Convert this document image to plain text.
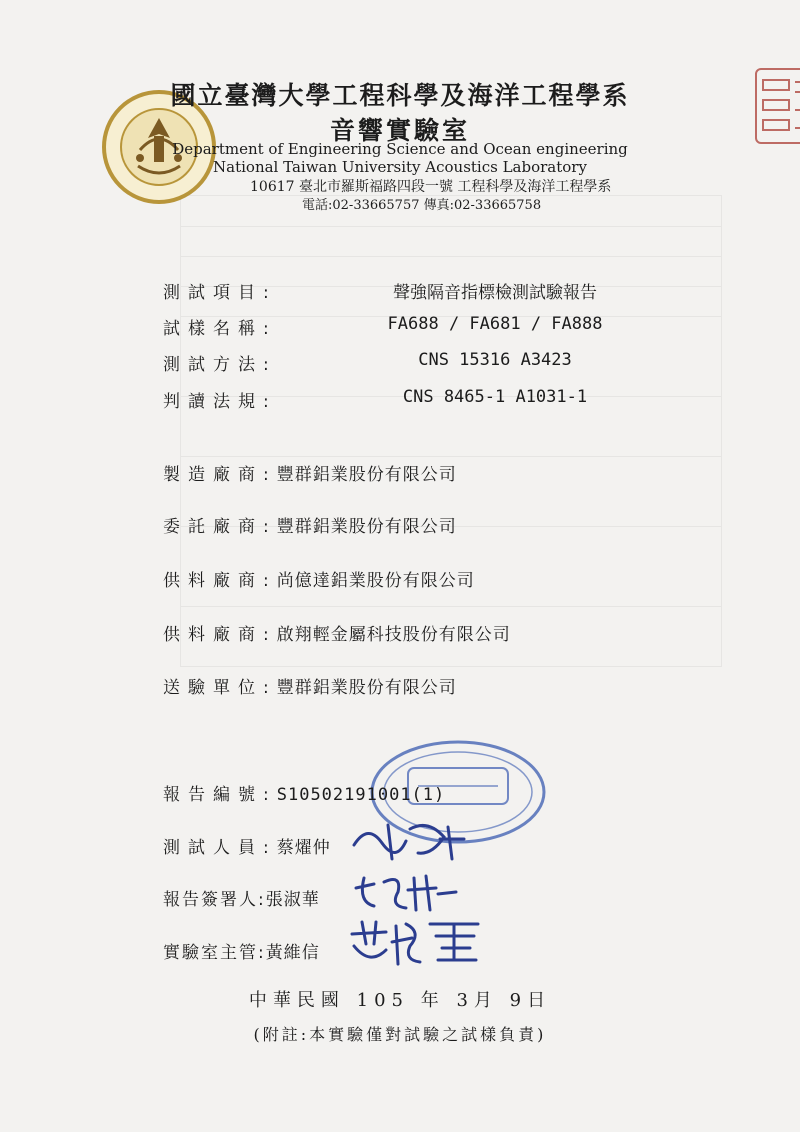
國立臺灣大學工程科學及海洋工程學系
音響實驗室
Department of Engineering Science and Ocean engineering
National Taiwan University Acoustics Laboratory
10617 臺北市羅斯福路四段一號 工程科學及海洋工程學系
電話:02-33665757 傳真:02-33665758
測試項目:	聲強隔音指標檢測試驗報告
試樣名稱:	FA688 / FA681 / FA888
測試方法:	CNS 15316 A3423
判讀法規:	CNS 8465-1 A1031-1
製造廠商:豐群鋁業股份有限公司
委託廠商:豐群鋁業股份有限公司
供料廠商:尚億達鋁業股份有限公司
供料廠商:啟翔輕金屬科技股份有限公司
送驗單位:豐群鋁業股份有限公司
報告編號:S10502191001(1)
測試人員:蔡燿仲
報告簽署人:張淑華
實驗室主管:黃維信
中華民國 105 年 3月 9日
(附註:本實驗僅對試驗之試樣負責)
